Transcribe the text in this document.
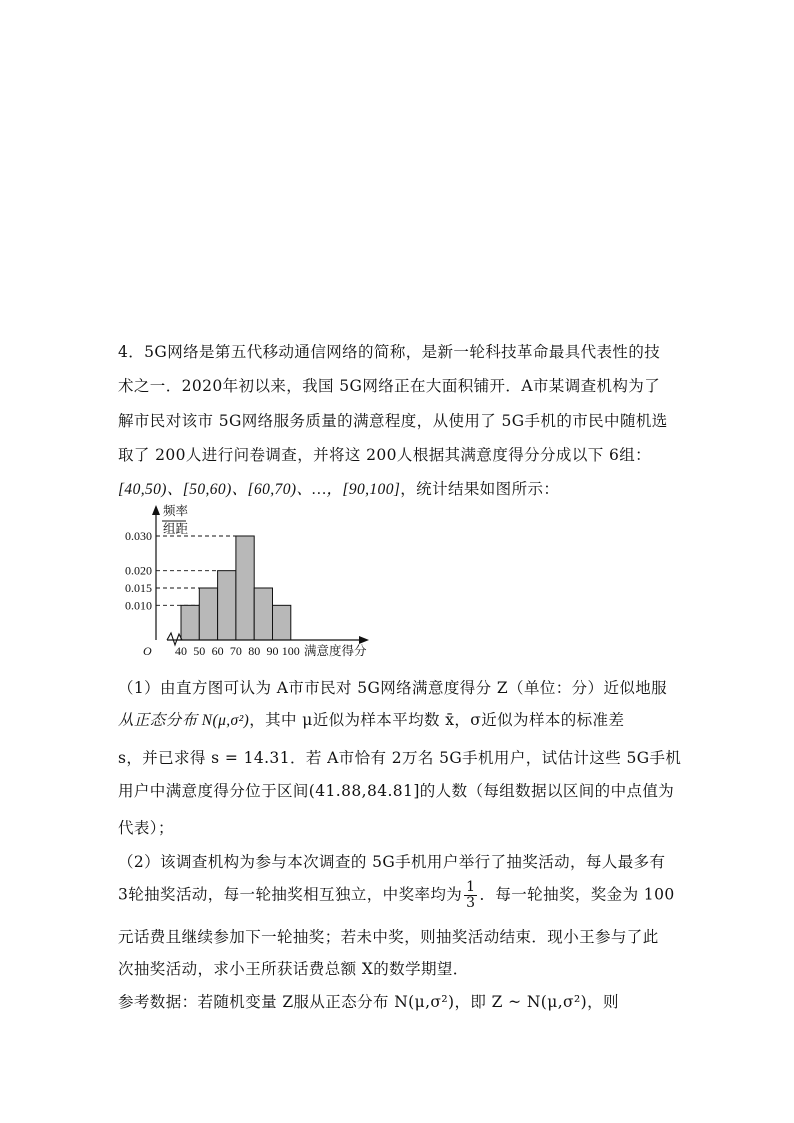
4．5G网络是第五代移动通信网络的简称，是新一轮科技革命最具代表性的技
术之一．2020年初以来，我国 5G网络正在大面积铺开．A市某调查机构为了
解市民对该市 5G网络服务质量的满意程度，从使用了 5G手机的市民中随机选
取了 200人进行问卷调查，并将这 200人根据其满意度得分分成以下 6组：
[40,50)、[50,60)、[60,70)、…，[90,100]，统计结果如图所示：
0.030
0.020
0.015
0.010
40 50 60 70 80 90 100
O	满意度得分
频率
组距
（1）由直方图可认为 A市市民对 5G网络满意度得分 Z（单位：分）近似地服
从正态分布 N(μ,σ²)，其中 μ近似为样本平均数 x̄，σ近似为样本的标准差
s，并已求得 s = 14.31．若 A市恰有 2万名 5G手机用户，试估计这些 5G手机
用户中满意度得分位于区间(41.88,84.81]的人数（每组数据以区间的中点值为
代表）；
（2）该调查机构为参与本次调查的 5G手机用户举行了抽奖活动，每人最多有
3轮抽奖活动，每一轮抽奖相互独立，中奖率均为 $\frac{1}{3}$ ．每一轮抽奖，奖金为 100
元话费且继续参加下一轮抽奖；若未中奖，则抽奖活动结束．现小王参与了此
次抽奖活动，求小王所获话费总额 X的数学期望．
参考数据：若随机变量 Z服从正态分布 N(μ,σ²)，即 Z ~ N(μ,σ²)，则
